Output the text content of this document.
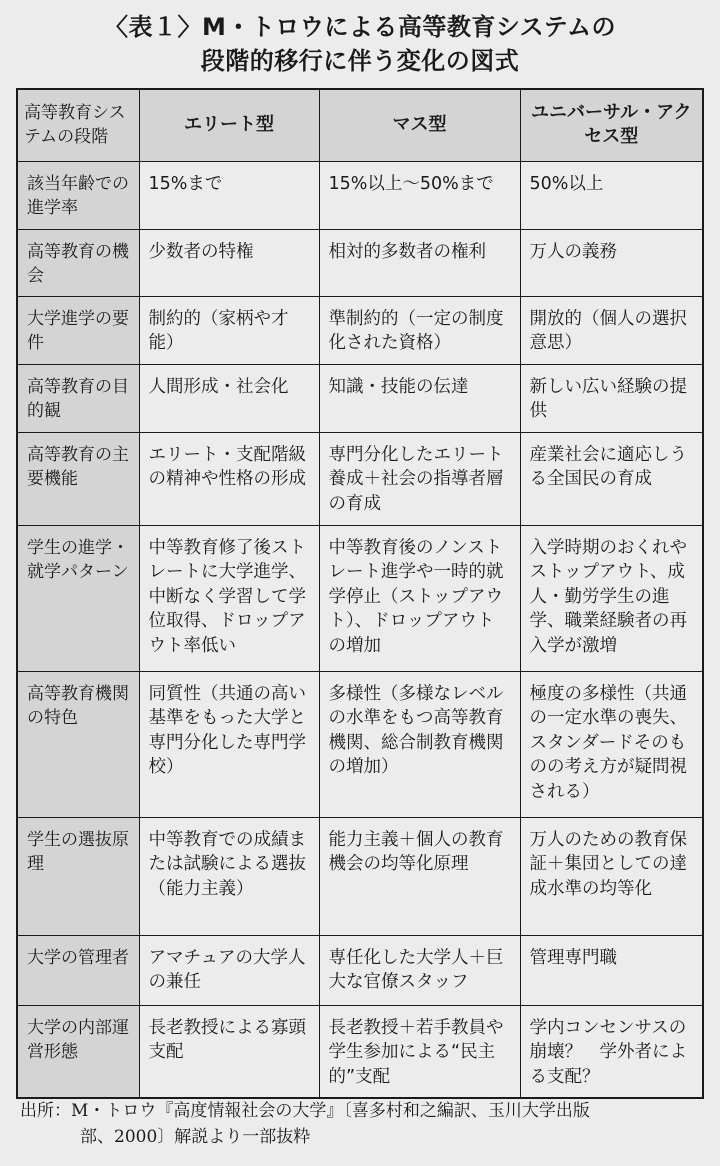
〈表１〉M・トロウによる高等教育システムの
段階的移行に伴う変化の図式
高等教育システムの段階	エリート型	マス型	ユニバーサル・アクセス型
該当年齢での進学率	15%まで	15%以上〜50%まで	50%以上
高等教育の機会	少数者の特権	相対的多数者の権利	万人の義務
大学進学の要件	制約的（家柄や才能）	準制約的（一定の制度化された資格）	開放的（個人の選択意思）
高等教育の目的観	人間形成・社会化	知識・技能の伝達	新しい広い経験の提供
高等教育の主要機能	エリート・支配階級の精神や性格の形成	専門分化したエリート養成＋社会の指導者層の育成	産業社会に適応しうる全国民の育成
学生の進学・就学パターン	中等教育修了後ストレートに大学進学、中断なく学習して学位取得、ドロップアウト率低い	中等教育後のノンストレート進学や一時的就学停止（ストップアウト）、ドロップアウトの増加	入学時期のおくれやストップアウト、成人・勤労学生の進学、職業経験者の再入学が激増
高等教育機関の特色	同質性（共通の高い基準をもった大学と専門分化した専門学校）	多様性（多様なレベルの水準をもつ高等教育機関、総合制教育機関の増加）	極度の多様性（共通の一定水準の喪失、スタンダードそのものの考え方が疑問視される）
学生の選抜原理	中等教育での成績または試験による選抜（能力主義）	能力主義＋個人の教育機会の均等化原理	万人のための教育保証＋集団としての達成水準の均等化
大学の管理者	アマチュアの大学人の兼任	専任化した大学人＋巨大な官僚スタッフ	管理専門職
大学の内部運営形態	長老教授による寡頭支配	長老教授＋若手教員や学生参加による“民主的”支配	学内コンセンサスの崩壊？　学外者による支配？
出所：M・トロウ『高度情報社会の大学』〔喜多村和之編訳、玉川大学出版
部、2000〕解説より一部抜粋
